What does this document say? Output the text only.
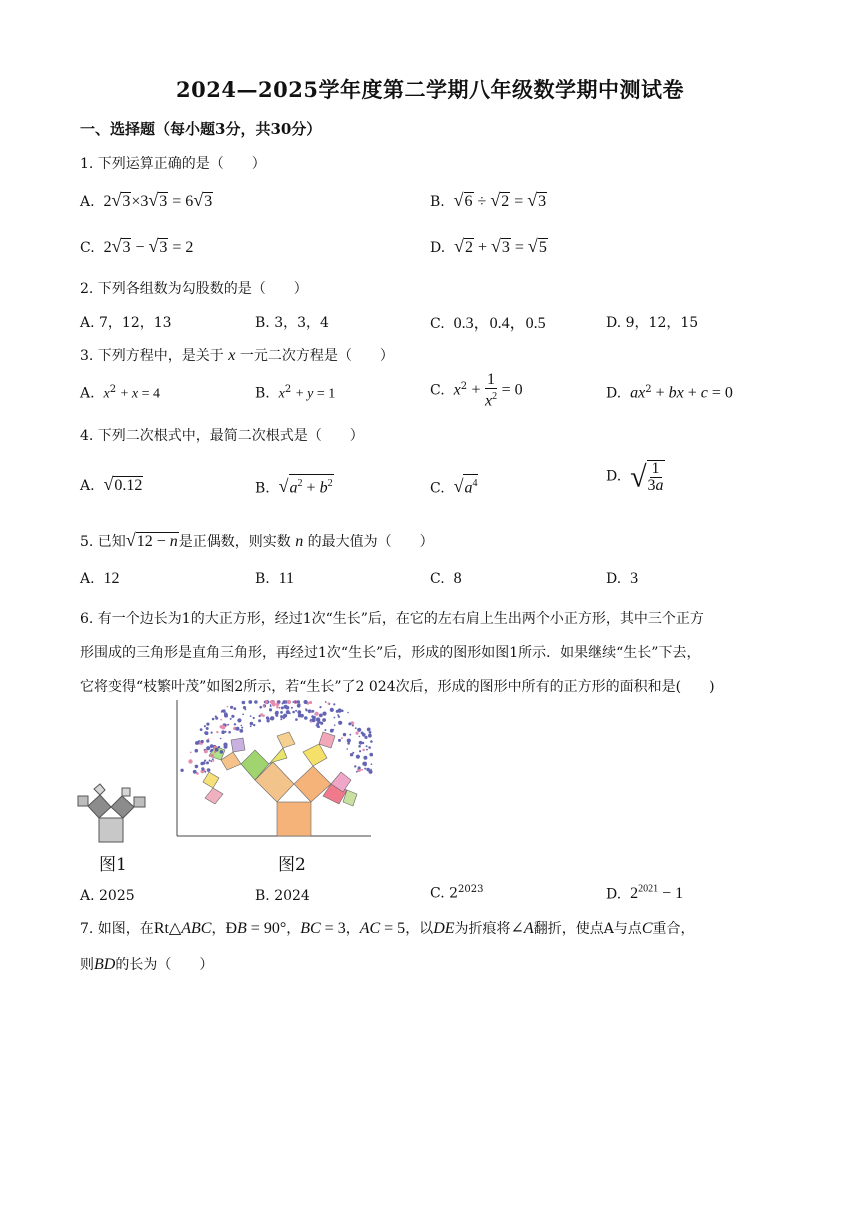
2024—2025学年度第二学期八年级数学期中测试卷
一、选择题（每小题3分，共30分）
1. 下列运算正确的是（　　）
A.  2√3×3√3 = 6√3	B.  √6 ÷ √2 = √3
C.  2√3 − √3 = 2	D.  √2 + √3 = √5
2. 下列各组数为勾股数的是（　　）
A. 7，12，13	B. 3，3，4	C.  0.3，0.4，0.5	D. 9，12，15
3. 下列方程中，是关于 x 一元二次方程是（　　）
A.  $x^2 + x = 4$	B.  $x^2 + y = 1$	C.  $x^2 + \frac{1}{x^2} = 0$	D.  $ax^2$ + bx + c = 0
4. 下列二次根式中，最简二次根式是（　　）
A.  √0.12	B.  $√a^2 + b^2$	C.  $√a^4$	D.  √ $\frac{1}{3a}$
5. 已知√12 − n是正偶数，则实数 n 的最大值为（　　）
A.  12	B.  11	C.  8	D.  3
6. 有一个边长为1的大正方形，经过1次“生长”后，在它的左右肩上生出两个小正方形，其中三个正方
形围成的三角形是直角三角形，再经过1次“生长”后，形成的图形如图1所示．如果继续“生长”下去，
它将变得“枝繁叶茂”如图2所示，若“生长”了2 024次后，形成的图形中所有的正方形的面积和是(　　)
图1	图2
A. 2025	B. 2024	C. $2^{2023}$	D.  $2^{2021} - 1$
7. 如图，在Rt△ABC，ÐB = 90°，BC = 3，AC = 5，以DE为折痕将∠A翻折，使点A与点C重合，
则BD的长为（　　）
